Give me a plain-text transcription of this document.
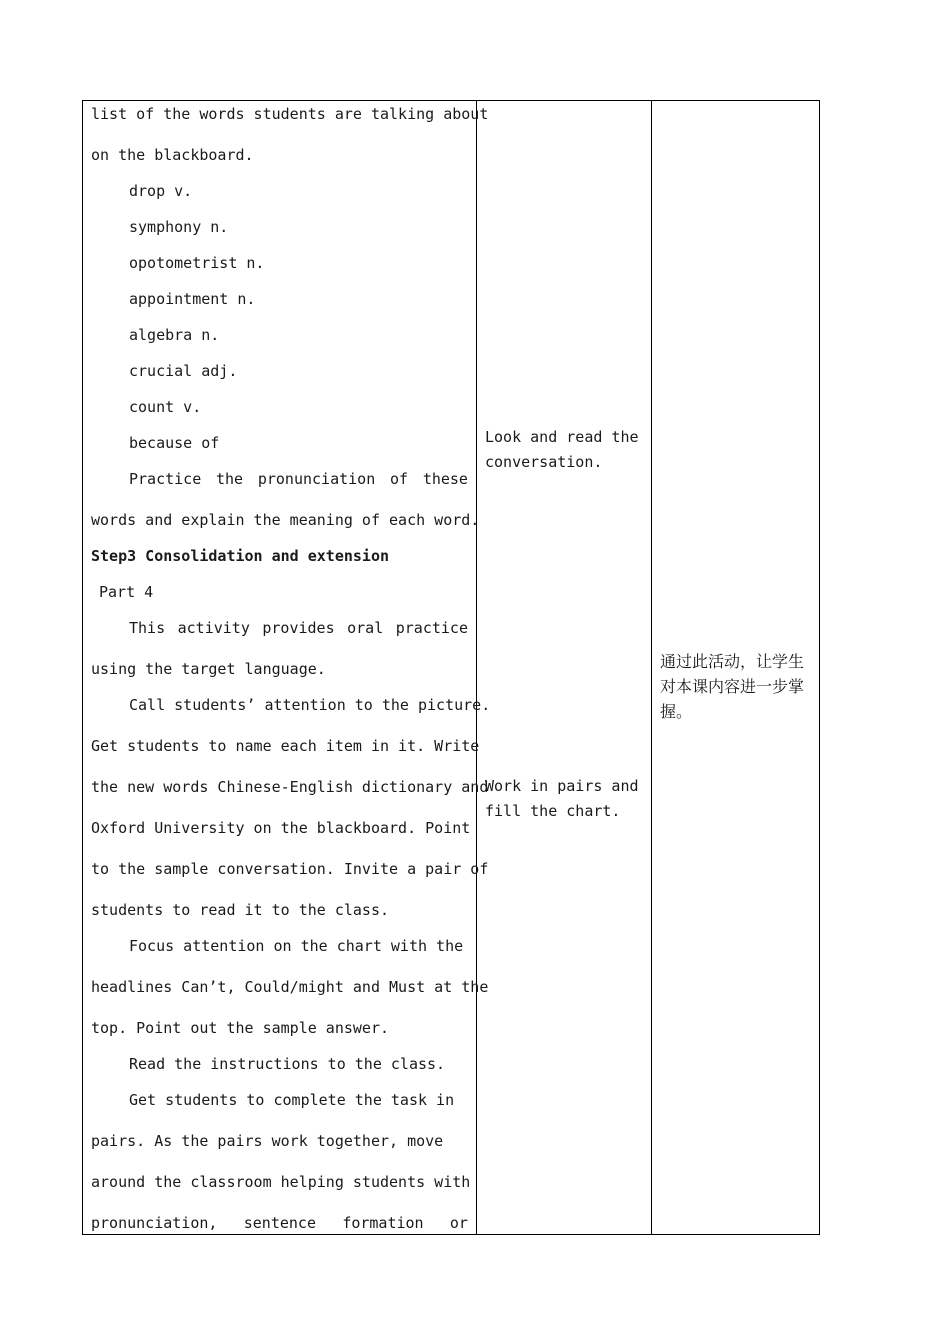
list of the words students are talking about
on the blackboard.
drop v.
symphony n.
opotometrist n.
appointment n.
algebra n.
crucial adj.
count v.
because of
Practice the pronunciation of these
words and explain the meaning of each word.
Step3 Consolidation and extension
Part 4
This activity provides oral practice
using the target language.
Call students’ attention to the picture.
Get students to name each item in it. Write
the new words Chinese-English dictionary and
Oxford University on the blackboard. Point
to the sample conversation. Invite a pair of
students to read it to the class.
Focus attention on the chart with the
headlines Can’t, Could/might and Must at the
top. Point out the sample answer.
Read the instructions to the class.
Get students to complete the task in
pairs. As the pairs work together, move
around the classroom helping students with
pronunciation, sentence formation or
Look and read the conversation.
Work in pairs and fill the chart.
通过此活动，让学生对本课内容进一步掌握。
